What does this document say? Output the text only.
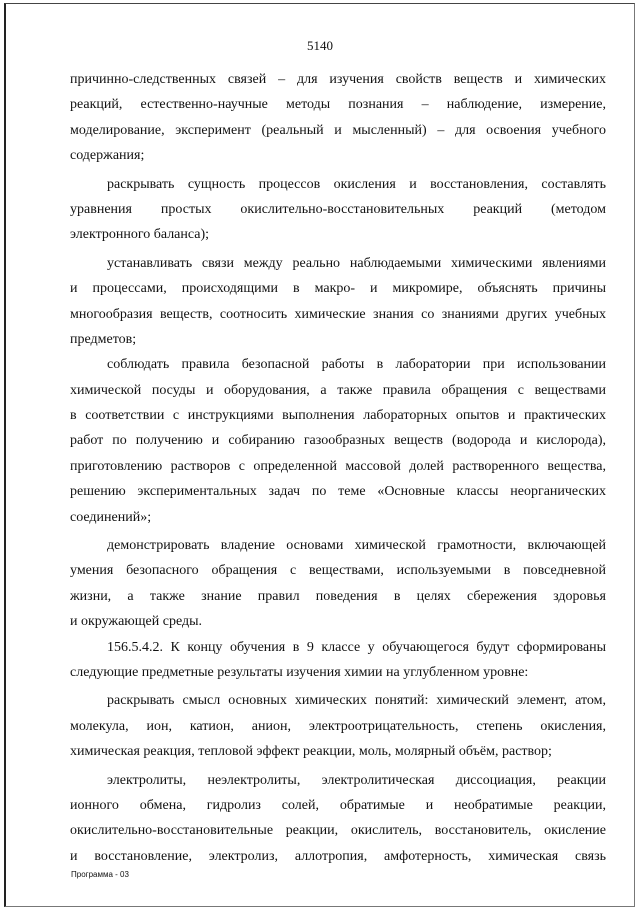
5140
причинно-следственных связей – для изучения свойств веществ и химических
реакций, естественно-научные методы познания – наблюдение, измерение,
моделирование, эксперимент (реальный и мысленный) – для освоения учебного
содержания;
раскрывать сущность процессов окисления и восстановления, составлять
уравнения простых окислительно-восстановительных реакций (методом
электронного баланса);
устанавливать связи между реально наблюдаемыми химическими явлениями
и процессами, происходящими в макро- и микромире, объяснять причины
многообразия веществ, соотносить химические знания со знаниями других учебных
предметов;
соблюдать правила безопасной работы в лаборатории при использовании
химической посуды и оборудования, а также правила обращения с веществами
в соответствии с инструкциями выполнения лабораторных опытов и практических
работ по получению и собиранию газообразных веществ (водорода и кислорода),
приготовлению растворов с определенной массовой долей растворенного вещества,
решению экспериментальных задач по теме «Основные классы неорганических
соединений»;
демонстрировать владение основами химической грамотности, включающей
умения безопасного обращения с веществами, используемыми в повседневной
жизни, а также знание правил поведения в целях сбережения здоровья
и окружающей среды.
156.5.4.2. К концу обучения в 9 классе у обучающегося будут сформированы
следующие предметные результаты изучения химии на углубленном уровне:
раскрывать смысл основных химических понятий: химический элемент, атом,
молекула, ион, катион, анион, электроотрицательность, степень окисления,
химическая реакция, тепловой эффект реакции, моль, молярный объём, раствор;
электролиты, неэлектролиты, электролитическая диссоциация, реакции
ионного обмена, гидролиз солей, обратимые и необратимые реакции,
окислительно-восстановительные реакции, окислитель, восстановитель, окисление
и восстановление, электролиз, аллотропия, амфотерность, химическая связь
Программа - 03
